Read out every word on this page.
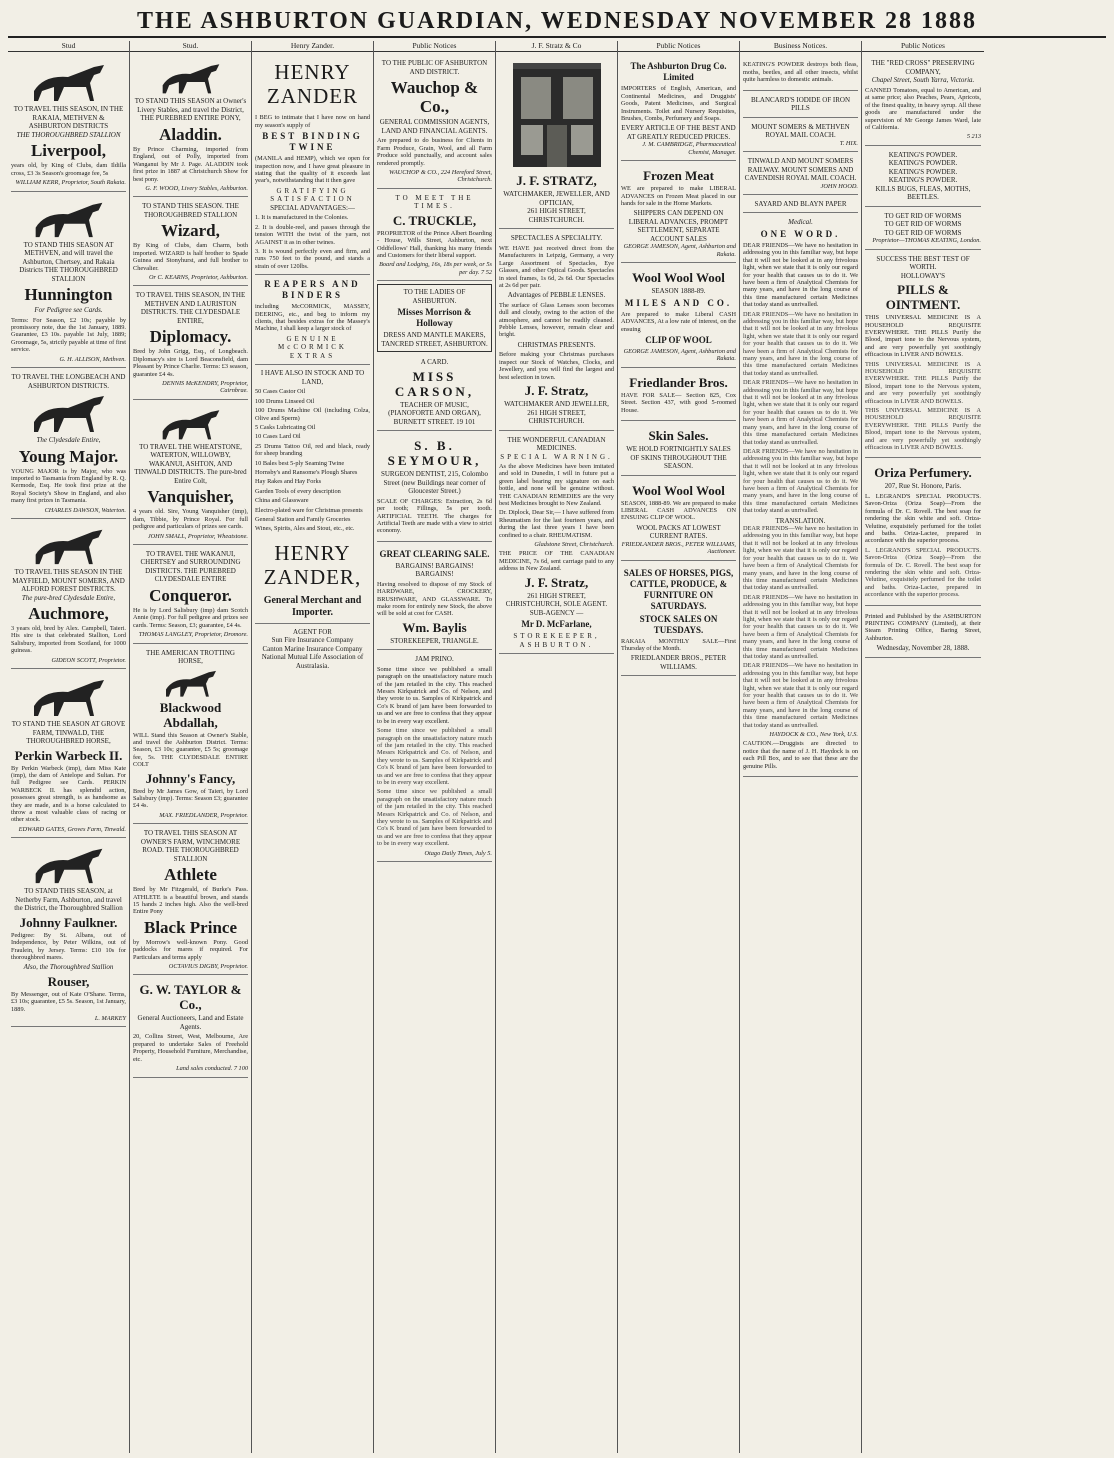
THE ASHBURTON GUARDIAN, WEDNESDAY NOVEMBER 28 1888
Stud
TO TRAVEL THIS SEASON, IN THE RAKAIA, METHVEN & ASHBURTON DISTRICTS
THE THOROUGHBRED STALLION
Liverpool,
years old, by King of Clubs, dam Ildilla cross, £3 3s Season's groomage fee, 5s
WILLIAM KERR, Proprietor, South Rakaia.
TO STAND THIS SEASON AT METHVEN, and will travel the Ashburton, Chertsey, and Rakaia Districts THE THOROUGHBRED STALLION
Hunnington
For Pedigree see Cards.
Terms: For Season, £2 10s; payable by promissory note, due the 1st January, 1889. Guarantee, £3 10s. payable 1st July, 1889; Groomage, 5s, strictly payable at time of first service.
G. H. ALLISON, Methven.
TO TRAVEL THE LONGBEACH AND ASHBURTON DISTRICTS.
The Clydesdale Entire,
Young Major.
YOUNG MAJOR is by Major, who was imported to Tasmania from England by R. Q. Kermode, Esq. He took first prize at the Royal Society's Show in England, and also many first prizes in Tasmania.
CHARLES DAWSON, Waterton.
TO TRAVEL THIS SEASON IN THE MAYFIELD, MOUNT SOMERS, AND ALFORD FOREST DISTRICTS.
The pure-bred Clydesdale Entire,
Auchmore,
3 years old, bred by Alex. Campbell, Taieri. His sire is that celebrated Stallion, Lord Salisbury, imported from Scotland, for 1000 guineas.
GIDEON SCOTT, Proprietor.
TO STAND THE SEASON AT GROVE FARM, TINWALD, THE THOROUGHBRED HORSE,
Perkin Warbeck II.
By Perkin Warbeck (imp), dam Miss Kate (imp), the dam of Antelope and Sultan. For full Pedigree see Cards. PERKIN WARBECK II. has splendid action, possesses great strength, is as handsome as they are made, and is a horse calculated to throw a most valuable class of racing or other stock.
EDWARD GATES, Groves Farm, Tinwald.
TO STAND THIS SEASON, at Netherby Farm, Ashburton, and travel the District, the Thoroughbred Stallion
Johnny Faulkner.
Pedigree: By St. Albans, out of Independence, by Peter Wilkins, out of Fraulein, by Jersey. Terms: £10 10s for thoroughbred mares.
Also, the Thoroughbred Stallion
Rouser,
By Messenger, out of Kate O'Shane. Terms, £3 10s; guarantee, £5 5s. Season, 1st January, 1889.
L. MARKEY
Stud.
TO STAND THIS SEASON at Owner's Livery Stables, and travel the District, THE PUREBRED ENTIRE PONY,
Aladdin.
By Prince Charming, imported from England, out of Polly, imported from Wanganui by Mr J. Page. ALADDIN took first prize in 1887 at Christchurch Show for best pony.
G. F. WOOD, Livery Stables, Ashburton.
TO STAND THIS SEASON. THE THOROUGHBRED STALLION
Wizard,
By King of Clubs, dam Charm, both imported. WIZARD is half brother to Spade Guinea and Stonyhurst, and full brother to Chevalier.
Or C. KEARNS, Proprietor, Ashburton.
TO TRAVEL THIS SEASON, IN THE METHVEN AND LAURISTON DISTRICTS. THE CLYDESDALE ENTIRE,
Diplomacy.
Bred by John Grigg, Esq., of Longbeach. Diplomacy's sire is Lord Beaconsfield, dam Pleasant by Prince Charlie. Terms: £3 season, guarantee £4 4s.
DENNIS McKENDRY, Proprietor, Cairnbrae.
TO TRAVEL THE WHEATSTONE, WATERTON, WILLOWBY, WAKANUI, ASHTON, AND TINWALD DISTRICTS. The pure-bred Entire Colt,
Vanquisher,
4 years old. Sire, Young Vanquisher (imp), dam, Tibbie, by Prince Royal. For full pedigree and particulars of prizes see cards.
JOHN SMALL, Proprietor, Wheatstone.
TO TRAVEL THE WAKANUI, CHERTSEY and SURROUNDING DISTRICTS. THE PUREBRED CLYDESDALE ENTIRE
Conqueror.
He is by Lord Salisbury (imp) dam Scotch Annie (imp). For full pedigree and prizes see cards. Terms: Season, £3; guarantee, £4 4s.
THOMAS LANGLEY, Proprietor, Dromore.
THE AMERICAN TROTTING HORSE,
Blackwood Abdallah,
WILL Stand this Season at Owner's Stable, and travel the Ashburton District. Terms: Season, £3 10s; guarantee, £5 5s; groomage fee, 5s. THE CLYDESDALE ENTIRE COLT
Johnny's Fancy,
Bred by Mr James Gow, of Taieri, by Lord Salisbury (imp). Terms: Season £3; guarantee £4 4s.
MAX. FRIEDLANDER, Proprietor.
TO TRAVEL THIS SEASON AT OWNER'S FARM, WINCHMORE ROAD. THE THOROUGHBRED STALLION
Athlete
Bred by Mr Fitzgerald, of Burke's Pass. ATHLETE is a beautiful brown, and stands 15 hands 2 inches high. Also the well-bred Entire Pony
Black Prince
by Morrow's well-known Pony. Good paddocks for mares if required. For Particulars and terms apply
OCTAVIUS DIGBY, Proprietor.
G. W. TAYLOR & Co.,
General Auctioneers, Land and Estate Agents.
20, Collins Street, West, Melbourne, Are prepared to undertake Sales of Freehold Property, Household Furniture, Merchandise, etc.
Land sales conducted. 7 100
Henry Zander.
HENRY ZANDER
I BEG to intimate that I have now on hand my season's supply of
BEST BINDING TWINE
(MANILA and HEMP), which we open for inspection now, and I have great pleasure in stating that the quality of it exceeds last year's, notwithstanding that it then gave
GRATIFYING SATISFACTION
SPECIAL ADVANTAGES:—
1. It is manufactured in the Colonies.
2. It is double-reel, and passes through the tension WITH the twist of the yarn, not AGAINST it as in other twines.
3. It is wound perfectly even and firm, and runs 750 feet to the pound, and stands a strain of over 120lbs.
REAPERS AND BINDERS
including McCORMICK, MASSEY, DEERING, etc., and beg to inform my clients, that besides extras for the Massey's Machine, I shall keep a larger stock of
GENUINE McCORMICK EXTRAS
I HAVE ALSO IN STOCK AND TO LAND,
50 Cases Castor Oil
100 Drums Linseed Oil
100 Drums Machine Oil (including Colza, Olive and Sperm)
5 Casks Lubricating Oil
10 Cases Lard Oil
25 Drums Tattoo Oil, red and black, ready for sheep branding
10 Bales best 5-ply Seaming Twine
Hornsby's and Ransome's Plough Shares
Hay Rakes and Hay Forks
Garden Tools of every description
China and Glassware
Electro-plated ware for Christmas presents
General Station and Family Groceries
Wines, Spirits, Ales and Stout, etc., etc.
HENRY ZANDER,
General Merchant and Importer.
AGENT FOR
Sun Fire Insurance Company
Canton Marine Insurance Company
National Mutual Life Association of Australasia.
Public Notices
TO THE PUBLIC OF ASHBURTON AND DISTRICT.
Wauchop & Co.,
GENERAL COMMISSION AGENTS, LAND AND FINANCIAL AGENTS.
Are prepared to do business for Clients in Farm Produce, Grain, Wool, and all Farm Produce sold punctually, and account sales rendered promptly.
WAUCHOP & CO., 224 Hereford Street, Christchurch.
TO MEET THE TIMES.
C. TRUCKLE,
PROPRIETOR of the Prince Albert Boarding - House, Wills Street, Ashburton, next Oddfellows' Hall, thanking his many friends and Customers for their liberal support.
Board and Lodging, 16s, 18s per week, or 5s per day. 7 52
TO THE LADIES OF ASHBURTON.
Misses Morrison & Holloway
DRESS AND MANTLE MAKERS, TANCRED STREET, ASHBURTON.
A CARD.
MISS CARSON,
TEACHER OF MUSIC, (PIANOFORTE AND ORGAN), BURNETT STREET. 19 101
S. B. SEYMOUR,
SURGEON DENTIST, 215, Colombo Street (new Buildings near corner of Gloucester Street.)
SCALE OF CHARGES: Extraction, 2s 6d per tooth; Fillings, 5s per tooth. ARTIFICIAL TEETH. The charges for Artificial Teeth are made with a view to strict economy.
GREAT CLEARING SALE.
BARGAINS! BARGAINS! BARGAINS!
Having resolved to dispose of my Stock of HARDWARE, CROCKERY, BRUSHWARE, AND GLASSWARE. To make room for entirely new Stock, the above will be sold at cost for CASH.
Wm. Baylis
STOREKEEPER, TRIANGLE.
JAM PRINO.
Some time since we published a small paragraph on the unsatisfactory nature much of the jam retailed in the city. This reached Messrs Kirkpatrick and Co. of Nelson, and they wrote to us. Samples of Kirkpatrick and Co's K brand of jam have been forwarded to us and we are free to confess that they appear to be in every way excellent.
Some time since we published a small paragraph on the unsatisfactory nature much of the jam retailed in the city. This reached Messrs Kirkpatrick and Co. of Nelson, and they wrote to us. Samples of Kirkpatrick and Co's K brand of jam have been forwarded to us and we are free to confess that they appear to be in every way excellent.
Some time since we published a small paragraph on the unsatisfactory nature much of the jam retailed in the city. This reached Messrs Kirkpatrick and Co. of Nelson, and they wrote to us. Samples of Kirkpatrick and Co's K brand of jam have been forwarded to us and we are free to confess that they appear to be in every way excellent.
Otago Daily Times, July 5.
J. F. Stratz & Co
J. F. STRATZ,
WATCHMAKER, JEWELLER, AND OPTICIAN,
261 HIGH STREET, CHRISTCHURCH.
SPECTACLES A SPECIALITY.
WE HAVE just received direct from the Manufacturers in Leipzig, Germany, a very Large Assortment of Spectacles, Eye Glasses, and other Optical Goods. Spectacles in steel frames, 1s 6d, 2s 6d. Our Spectacles at 2s 6d per pair.
Advantages of PEBBLE LENSES.
The surface of Glass Lenses soon becomes dull and cloudy, owing to the action of the atmosphere, and cannot be readily cleaned. Pebble Lenses, however, remain clear and bright.
CHRISTMAS PRESENTS.
Before making your Christmas purchases inspect our Stock of Watches, Clocks, and Jewellery, and you will find the largest and best selection in town.
J. F. Stratz,
WATCHMAKER AND JEWELLER, 261 HIGH STREET, CHRISTCHURCH.
THE WONDERFUL CANADIAN MEDICINES.
SPECIAL WARNING.
As the above Medicines have been imitated and sold in Dunedin, I will in future put a green label bearing my signature on each bottle, and none will be genuine without. THE CANADIAN REMEDIES are the very best Medicines brought to New Zealand.
Dr. Diplock, Dear Sir,— I have suffered from Rheumatism for the last fourteen years, and during the last three years I have been confined to a chair. RHEUMATISM.
Gladstone Street, Christchurch.
THE PRICE OF THE CANADIAN MEDICINE, 7s 6d, sent carriage paid to any address in New Zealand.
J. F. Stratz,
261 HIGH STREET, CHRISTCHURCH, SOLE AGENT.
SUB-AGENCY —
Mr D. McFarlane,
STOREKEEPER, ASHBURTON.
Public Notices
The Ashburton Drug Co. Limited
IMPORTERS of English, American, and Continental Medicines, and Druggists' Goods, Patent Medicines, and Surgical Instruments. Toilet and Nursery Requisites, Brushes, Combs, Perfumery and Soaps.
EVERY ARTICLE OF THE BEST AND AT GREATLY REDUCED PRICES.
J. M. CAMBRIDGE, Pharmaceutical Chemist, Manager.
Frozen Meat
WE are prepared to make LIBERAL ADVANCES on Frozen Meat placed in our hands for sale in the Home Markets.
SHIPPERS CAN DEPEND ON LIBERAL ADVANCES, PROMPT SETTLEMENT, SEPARATE ACCOUNT SALES
GEORGE JAMESON, Agent, Ashburton and Rakaia.
Wool Wool Wool
SEASON 1888-89.
MILES AND CO.
Are prepared to make Liberal CASH ADVANCES, At a low rate of interest, on the ensuing
CLIP OF WOOL
GEORGE JAMESON, Agent, Ashburton and Rakaia.
Friedlander Bros.
HAVE FOR SALE— Section 825, Cox Street. Section 437, with good 5-roomed House.
Skin Sales.
WE HOLD FORTNIGHTLY SALES OF SKINS THROUGHOUT THE SEASON.
Wool Wool Wool
SEASON, 1888-89. We are prepared to make LIBERAL CASH ADVANCES ON ENSUING CLIP OF WOOL.
WOOL PACKS AT LOWEST CURRENT RATES.
FRIEDLANDER BROS., PETER WILLIAMS, Auctioneer.
SALES OF HORSES, PIGS, CATTLE, PRODUCE, & FURNITURE ON SATURDAYS.
STOCK SALES ON TUESDAYS.
RAKAIA MONTHLY SALE—First Thursday of the Month.
FRIEDLANDER BROS., PETER WILLIAMS.
Business Notices.
KEATING'S POWDER destroys both fleas, moths, beetles, and all other insects, whilst quite harmless to domestic animals.
BLANCARD'S IODIDE OF IRON PILLS
MOUNT SOMERS & METHVEN ROYAL MAIL COACH.
T. HIX.
TINWALD AND MOUNT SOMERS RAILWAY. MOUNT SOMERS AND CAVENDISH ROYAL MAIL COACH.
JOHN HOOD.
SAYARD AND BLAYN PAPER
Medical.
ONE WORD.
DEAR FRIENDS—We have no hesitation in addressing you in this familiar way, but hope that it will not be looked at in any frivolous light, when we state that it is only our regard for your health that causes us to do it. We have been a firm of Analytical Chemists for many years, and have in the long course of this time manufactured certain Medicines that today stand as unrivalled.
DEAR FRIENDS—We have no hesitation in addressing you in this familiar way, but hope that it will not be looked at in any frivolous light, when we state that it is only our regard for your health that causes us to do it. We have been a firm of Analytical Chemists for many years, and have in the long course of this time manufactured certain Medicines that today stand as unrivalled.
DEAR FRIENDS—We have no hesitation in addressing you in this familiar way, but hope that it will not be looked at in any frivolous light, when we state that it is only our regard for your health that causes us to do it. We have been a firm of Analytical Chemists for many years, and have in the long course of this time manufactured certain Medicines that today stand as unrivalled.
DEAR FRIENDS—We have no hesitation in addressing you in this familiar way, but hope that it will not be looked at in any frivolous light, when we state that it is only our regard for your health that causes us to do it. We have been a firm of Analytical Chemists for many years, and have in the long course of this time manufactured certain Medicines that today stand as unrivalled.
TRANSLATION.
DEAR FRIENDS—We have no hesitation in addressing you in this familiar way, but hope that it will not be looked at in any frivolous light, when we state that it is only our regard for your health that causes us to do it. We have been a firm of Analytical Chemists for many years, and have in the long course of this time manufactured certain Medicines that today stand as unrivalled.
DEAR FRIENDS—We have no hesitation in addressing you in this familiar way, but hope that it will not be looked at in any frivolous light, when we state that it is only our regard for your health that causes us to do it. We have been a firm of Analytical Chemists for many years, and have in the long course of this time manufactured certain Medicines that today stand as unrivalled.
DEAR FRIENDS—We have no hesitation in addressing you in this familiar way, but hope that it will not be looked at in any frivolous light, when we state that it is only our regard for your health that causes us to do it. We have been a firm of Analytical Chemists for many years, and have in the long course of this time manufactured certain Medicines that today stand as unrivalled.
HAYDOCK & CO., New York, U.S.
CAUTION.—Druggists are directed to notice that the name of J. H. Haydock is on each Pill Box, and to see that these are the genuine Pills.
Public Notices
THE "RED CROSS" PRESERVING COMPANY,
Chapel Street, South Yarra, Victoria.
CANNED Tomatoes, equal to American, and at same price; also Peaches, Pears, Apricots, of the finest quality, in heavy syrup. All these goods are manufactured under the supervision of Mr George James Ward, late of California.
5 213
KEATING'S POWDER.
KEATING'S POWDER.
KEATING'S POWDER.
KEATING'S POWDER.
KILLS BUGS, FLEAS, MOTHS, BEETLES.
TO GET RID OF WORMS
TO GET RID OF WORMS
TO GET RID OF WORMS
Proprietor—THOMAS KEATING, London.
SUCCESS THE BEST TEST OF WORTH.
HOLLOWAY'S
PILLS & OINTMENT.
THIS UNIVERSAL MEDICINE IS A HOUSEHOLD REQUISITE EVERYWHERE. THE PILLS Purify the Blood, impart tone to the Nervous system, and are very powerfully yet soothingly efficacious in LIVER AND BOWELS.
THIS UNIVERSAL MEDICINE IS A HOUSEHOLD REQUISITE EVERYWHERE. THE PILLS Purify the Blood, impart tone to the Nervous system, and are very powerfully yet soothingly efficacious in LIVER AND BOWELS.
THIS UNIVERSAL MEDICINE IS A HOUSEHOLD REQUISITE EVERYWHERE. THE PILLS Purify the Blood, impart tone to the Nervous system, and are very powerfully yet soothingly efficacious in LIVER AND BOWELS.
Oriza Perfumery.
207, Rue St. Honore, Paris.
L. LEGRAND'S SPECIAL PRODUCTS. Savon-Oriza (Oriza Soap)—From the formula of Dr. C. Rovell. The best soap for rendering the skin white and soft. Oriza-Velutine, exquisitely perfumed for the toilet and baths. Oriza-Lactee, prepared in accordance with the superior process.
L. LEGRAND'S SPECIAL PRODUCTS. Savon-Oriza (Oriza Soap)—From the formula of Dr. C. Rovell. The best soap for rendering the skin white and soft. Oriza-Velutine, exquisitely perfumed for the toilet and baths. Oriza-Lactee, prepared in accordance with the superior process.
Printed and Published by the ASHBURTON PRINTING COMPANY (Limited), at their Steam Printing Office, Baring Street, Ashburton.
Wednesday, November 28, 1888.
